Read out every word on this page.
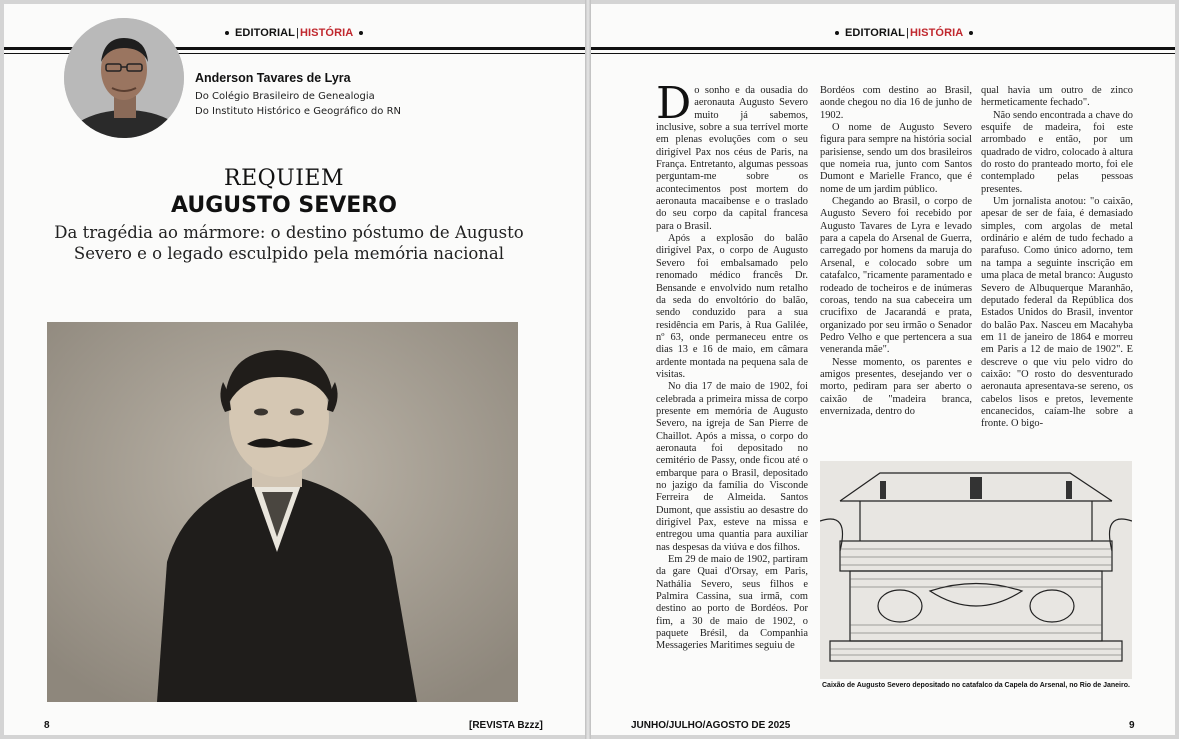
EDITORIAL|HISTÓRIA
Anderson Tavares de Lyra
Do Colégio Brasileiro de Genealogia
Do Instituto Histórico e Geográfico do RN
REQUIEM
AUGUSTO SEVERO
Da tragédia ao mármore: o destino póstumo de Augusto Severo e o legado esculpido pela memória nacional
8	[REVISTA Bzzz]
EDITORIAL|HISTÓRIA

Do sonho e da ousadia do aeronauta Augusto Severo muito já sabemos, inclusive, sobre a sua terrível morte em plenas evoluções com o seu dirigível Pax nos céus de Paris, na França. Entretanto, algumas pessoas perguntam-me sobre os acontecimentos post mortem do aeronauta macaibense e o traslado do seu corpo da capital francesa para o Brasil.

Após a explosão do balão dirigível Pax, o corpo de Augusto Severo foi embalsamado pelo renomado médico francês Dr. Bensande e envolvido num retalho da seda do envoltório do balão, sendo conduzido para a sua residência em Paris, à Rua Galilée, nº 63, onde permaneceu entre os dias 13 e 16 de maio, em câmara ardente montada na pequena sala de visitas.

No dia 17 de maio de 1902, foi celebrada a primeira missa de corpo presente em memória de Augusto Severo, na igreja de San Pierre de Chaillot. Após a missa, o corpo do aeronauta foi depositado no cemitério de Passy, onde ficou até o embarque para o Brasil, depositado no jazigo da família do Visconde Ferreira de Almeida. Santos Dumont, que assistiu ao desastre do dirigível Pax, esteve na missa e entregou uma quantia para auxiliar nas despesas da viúva e dos filhos.

Em 29 de maio de 1902, partiram da gare Quai d'Orsay, em Paris, Nathália Severo, seus filhos e Palmira Cassina, sua irmã, com destino ao porto de Bordéos. Por fim, a 30 de maio de 1902, o paquete Brésil, da Companhia Messageries Maritimes seguiu de

Bordéos com destino ao Brasil, aonde chegou no dia 16 de junho de 1902.

O nome de Augusto Severo figura para sempre na história social parisiense, sendo um dos brasileiros que nomeia rua, junto com Santos Dumont e Marielle Franco, que é nome de um jardim público.

Chegando ao Brasil, o corpo de Augusto Severo foi recebido por Augusto Tavares de Lyra e levado para a capela do Arsenal de Guerra, carregado por homens da maruja do Arsenal, e colocado sobre um catafalco, "ricamente paramentado e rodeado de tocheiros e de inúmeras coroas, tendo na sua cabeceira um crucifixo de Jacarandá e prata, organizado por seu irmão o Senador Pedro Velho e que pertencera a sua veneranda mãe".

Nesse momento, os parentes e amigos presentes, desejando ver o morto, pediram para ser aberto o caixão de "madeira branca, envernizada, dentro do

qual havia um outro de zinco hermeticamente fechado".

Não sendo encontrada a chave do esquife de madeira, foi este arrombado e então, por um quadrado de vidro, colocado à altura do rosto do pranteado morto, foi ele contemplado pelas pessoas presentes.

Um jornalista anotou: "o caixão, apesar de ser de faia, é demasiado simples, com argolas de metal ordinário e além de tudo fechado a parafuso. Como único adorno, tem na tampa a seguinte inscrição em uma placa de metal branco: Augusto Severo de Albuquerque Maranhão, deputado federal da República dos Estados Unidos do Brasil, inventor do balão Pax. Nasceu em Macahyba em 11 de janeiro de 1864 e morreu em Paris a 12 de maio de 1902". E descreve o que viu pelo vidro do caixão: "O rosto do desventurado aeronauta apresentava-se sereno, os cabelos lisos e pretos, levemente encanecidos, caíam-lhe sobre a fronte. O bigo-

Caixão de Augusto Severo depositado no catafalco da Capela do Arsenal, no Rio de Janeiro.
JUNHO/JULHO/AGOSTO DE 2025	9
